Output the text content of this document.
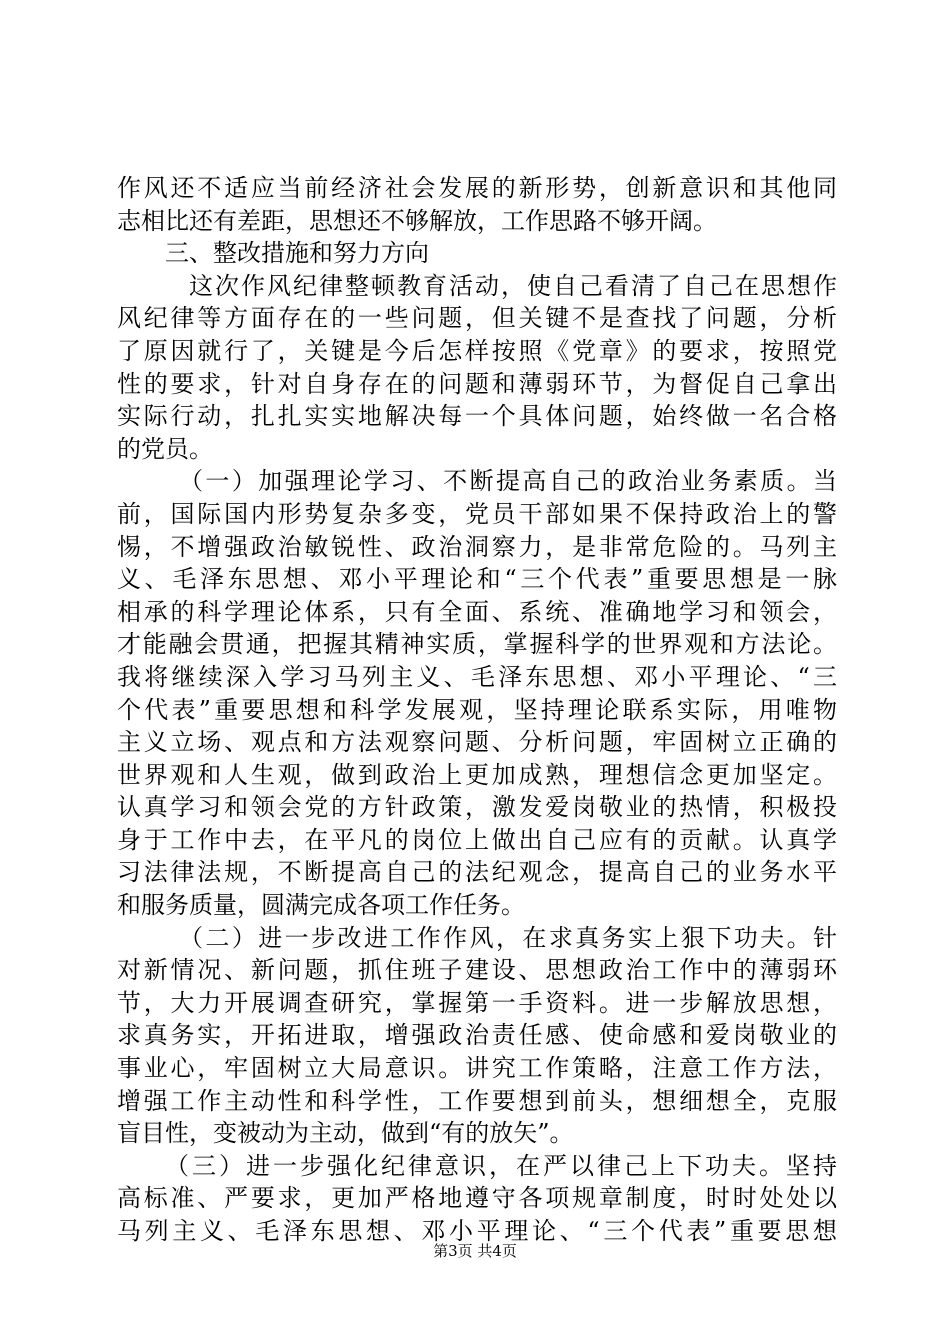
作风还不适应当前经济社会发展的新形势，创新意识和其他同
志相比还有差距，思想还不够解放，工作思路不够开阔。
三、整改措施和努力方向
这次作风纪律整顿教育活动，使自己看清了自己在思想作
风纪律等方面存在的一些问题，但关键不是查找了问题，分析
了原因就行了，关键是今后怎样按照《党章》的要求，按照党
性的要求，针对自身存在的问题和薄弱环节，为督促自己拿出
实际行动，扎扎实实地解决每一个具体问题，始终做一名合格
的党员。
（一）加强理论学习、不断提高自己的政治业务素质。当
前，国际国内形势复杂多变，党员干部如果不保持政治上的警
惕，不增强政治敏锐性、政治洞察力，是非常危险的。马列主
义、毛泽东思想、邓小平理论和“三个代表”重要思想是一脉
相承的科学理论体系，只有全面、系统、准确地学习和领会，
才能融会贯通，把握其精神实质，掌握科学的世界观和方法论。
我将继续深入学习马列主义、毛泽东思想、邓小平理论、“三
个代表”重要思想和科学发展观，坚持理论联系实际，用唯物
主义立场、观点和方法观察问题、分析问题，牢固树立正确的
世界观和人生观，做到政治上更加成熟，理想信念更加坚定。
认真学习和领会党的方针政策，激发爱岗敬业的热情，积极投
身于工作中去，在平凡的岗位上做出自己应有的贡献。认真学
习法律法规，不断提高自己的法纪观念，提高自己的业务水平
和服务质量，圆满完成各项工作任务。
（二）进一步改进工作作风，在求真务实上狠下功夫。针
对新情况、新问题，抓住班子建设、思想政治工作中的薄弱环
节，大力开展调查研究，掌握第一手资料。进一步解放思想，
求真务实，开拓进取，增强政治责任感、使命感和爱岗敬业的
事业心，牢固树立大局意识。讲究工作策略，注意工作方法，
增强工作主动性和科学性，工作要想到前头，想细想全，克服
盲目性，变被动为主动，做到“有的放矢”。
（三）进一步强化纪律意识，在严以律己上下功夫。坚持
高标准、严要求，更加严格地遵守各项规章制度，时时处处以
马列主义、毛泽东思想、邓小平理论、“三个代表”重要思想
第3页 共4页
